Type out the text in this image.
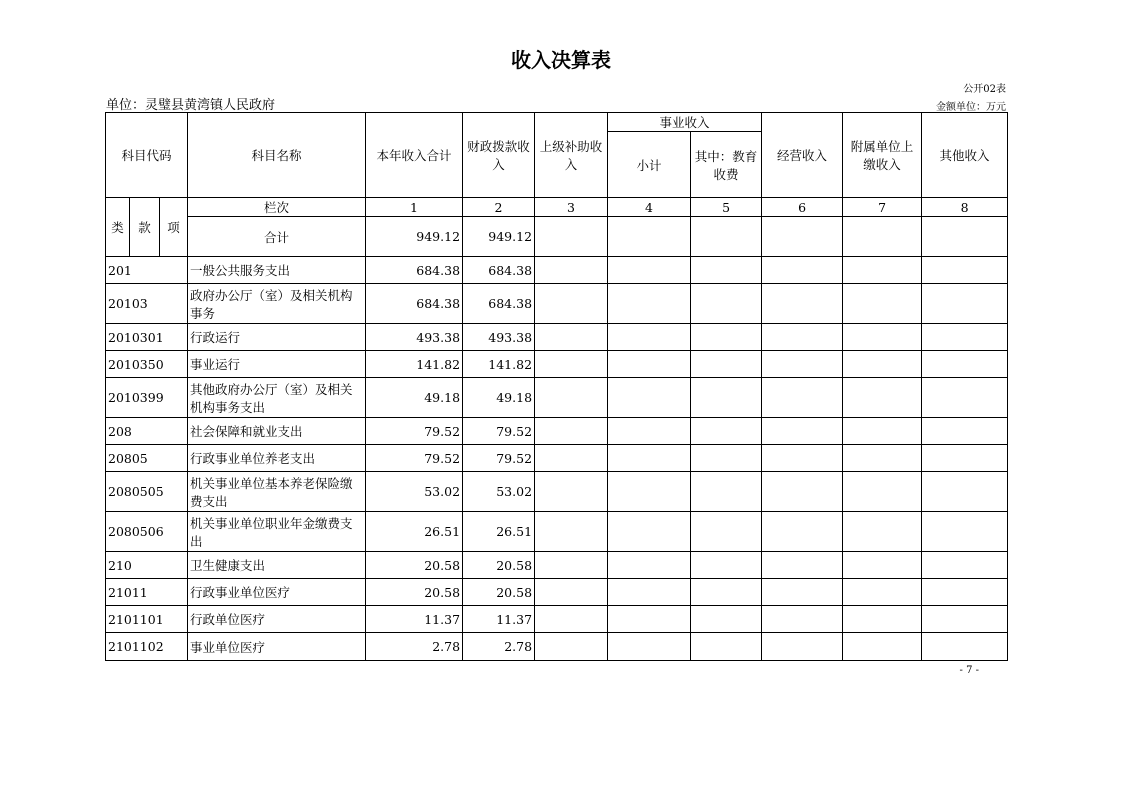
收入决算表
公开02表
单位：灵璧县黄湾镇人民政府	金额单位：万元
科目代码			科目名称	本年收入合计	财政拨款收入	上级补助收入	事业收入		经营收入	附属单位上缴收入	其他收入
							小计	其中：教育收费			
类	款	项	栏次	1	2	3	4	5	6	7	8
			合计	949.12	949.12						
201			一般公共服务支出	684.38	684.38						
20103			政府办公厅（室）及相关机构事务	684.38	684.38						
2010301			行政运行	493.38	493.38						
2010350			事业运行	141.82	141.82						
2010399			其他政府办公厅（室）及相关机构事务支出	49.18	49.18						
208			社会保障和就业支出	79.52	79.52						
20805			行政事业单位养老支出	79.52	79.52						
2080505			机关事业单位基本养老保险缴费支出	53.02	53.02						
2080506			机关事业单位职业年金缴费支出	26.51	26.51						
210			卫生健康支出	20.58	20.58						
21011			行政事业单位医疗	20.58	20.58						
2101101			行政单位医疗	11.37	11.37						
2101102			事业单位医疗	2.78	2.78						
- 7 -
